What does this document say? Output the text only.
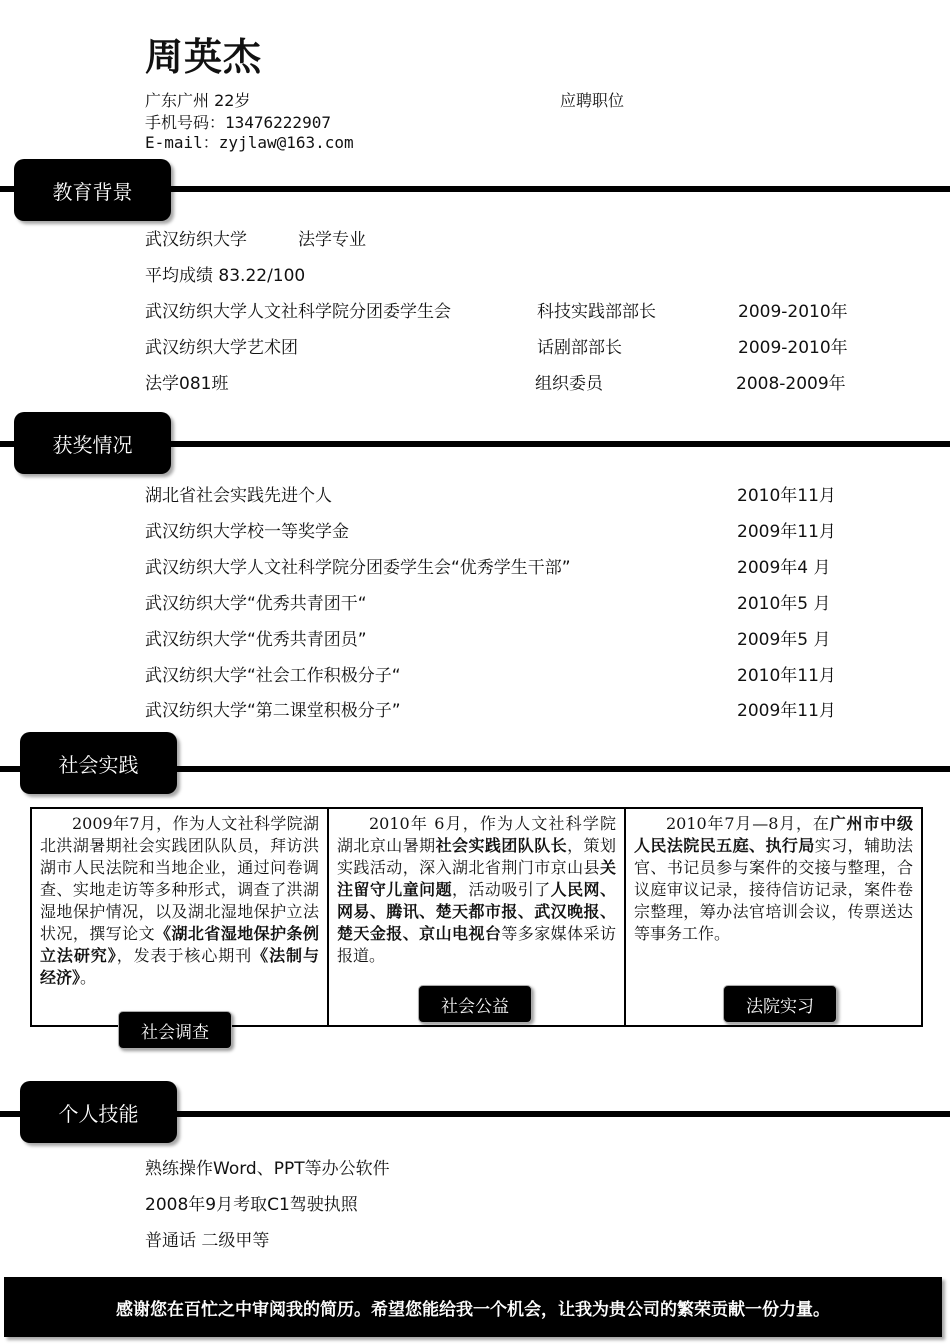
周英杰
广东广州 22岁	应聘职位
手机号码：13476222907
E-mail：zyjlaw@163.com
教育背景
武汉纺织大学	法学专业
平均成绩 83.22/100
武汉纺织大学人文社科学院分团委学生会	科技实践部部长	2009-2010年
武汉纺织大学艺术团	话剧部部长	2009-2010年
法学081班	组织委员	2008-2009年
获奖情况
湖北省社会实践先进个人	2010年11月
武汉纺织大学校一等奖学金	2009年11月
武汉纺织大学人文社科学院分团委学生会“优秀学生干部”	2009年4 月
武汉纺织大学“优秀共青团干“	2010年5 月
武汉纺织大学“优秀共青团员”	2009年5 月
武汉纺织大学“社会工作积极分子“	2010年11月
武汉纺织大学“第二课堂积极分子”	2009年11月
社会实践
2009年7月，作为人文社科学院湖北洪湖暑期社会实践团队队员，拜访洪湖市人民法院和当地企业，通过问卷调查、实地走访等多种形式，调查了洪湖湿地保护情况，以及湖北湿地保护立法状况，撰写论文《湖北省湿地保护条例立法研究》，发表于核心期刊《法制与经济》。
2010年 6月，作为人文社科学院湖北京山暑期社会实践团队队长，策划实践活动，深入湖北省荆门市京山县关注留守儿童问题，活动吸引了人民网、网易、腾讯、楚天都市报、武汉晚报、楚天金报、京山电视台等多家媒体采访报道。
2010年7月—8月，在广州市中级人民法院民五庭、执行局实习，辅助法官、书记员参与案件的交接与整理，合议庭审议记录，接待信访记录，案件卷宗整理，筹办法官培训会议，传票送达等事务工作。
社会调查
社会公益	法院实习
个人技能
熟练操作Word、PPT等办公软件
2008年9月考取C1驾驶执照
普通话 二级甲等
感谢您在百忙之中审阅我的简历。希望您能给我一个机会，让我为贵公司的繁荣贡献一份力量。
